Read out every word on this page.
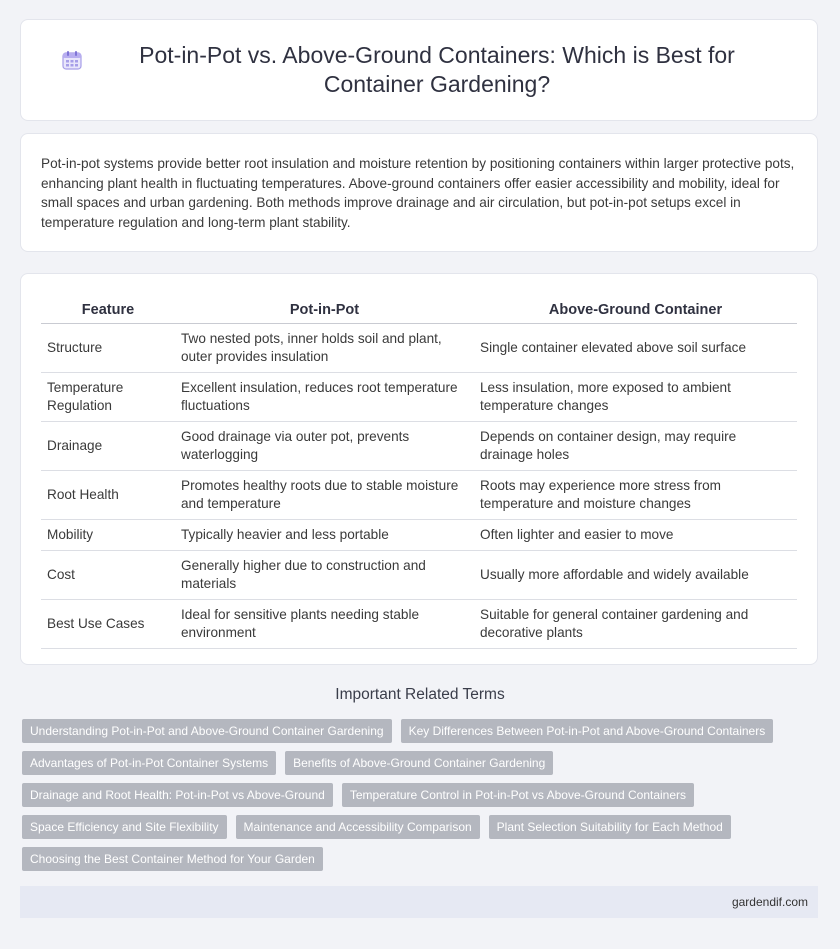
Pot-in-Pot vs. Above-Ground Containers: Which is Best for Container Gardening?

Pot-in-pot systems provide better root insulation and moisture retention by positioning containers within larger protective pots, enhancing plant health in fluctuating temperatures. Above-ground containers offer easier accessibility and mobility, ideal for small spaces and urban gardening. Both methods improve drainage and air circulation, but pot-in-pot setups excel in temperature regulation and long-term plant stability.

Feature	Pot-in-Pot	Above-Ground Container
Structure	Two nested pots, inner holds soil and plant, outer provides insulation	Single container elevated above soil surface
Temperature Regulation	Excellent insulation, reduces root temperature fluctuations	Less insulation, more exposed to ambient temperature changes
Drainage	Good drainage via outer pot, prevents waterlogging	Depends on container design, may require drainage holes
Root Health	Promotes healthy roots due to stable moisture and temperature	Roots may experience more stress from temperature and moisture changes
Mobility	Typically heavier and less portable	Often lighter and easier to move
Cost	Generally higher due to construction and materials	Usually more affordable and widely available
Best Use Cases	Ideal for sensitive plants needing stable environment	Suitable for general container gardening and decorative plants
Important Related Terms
Understanding Pot-in-Pot and Above-Ground Container Gardening	Key Differences Between Pot-in-Pot and Above-Ground Containers
Advantages of Pot-in-Pot Container Systems	Benefits of Above-Ground Container Gardening
Drainage and Root Health: Pot-in-Pot vs Above-Ground	Temperature Control in Pot-in-Pot vs Above-Ground Containers
Space Efficiency and Site Flexibility	Maintenance and Accessibility Comparison	Plant Selection Suitability for Each Method
Choosing the Best Container Method for Your Garden
gardendif.com
